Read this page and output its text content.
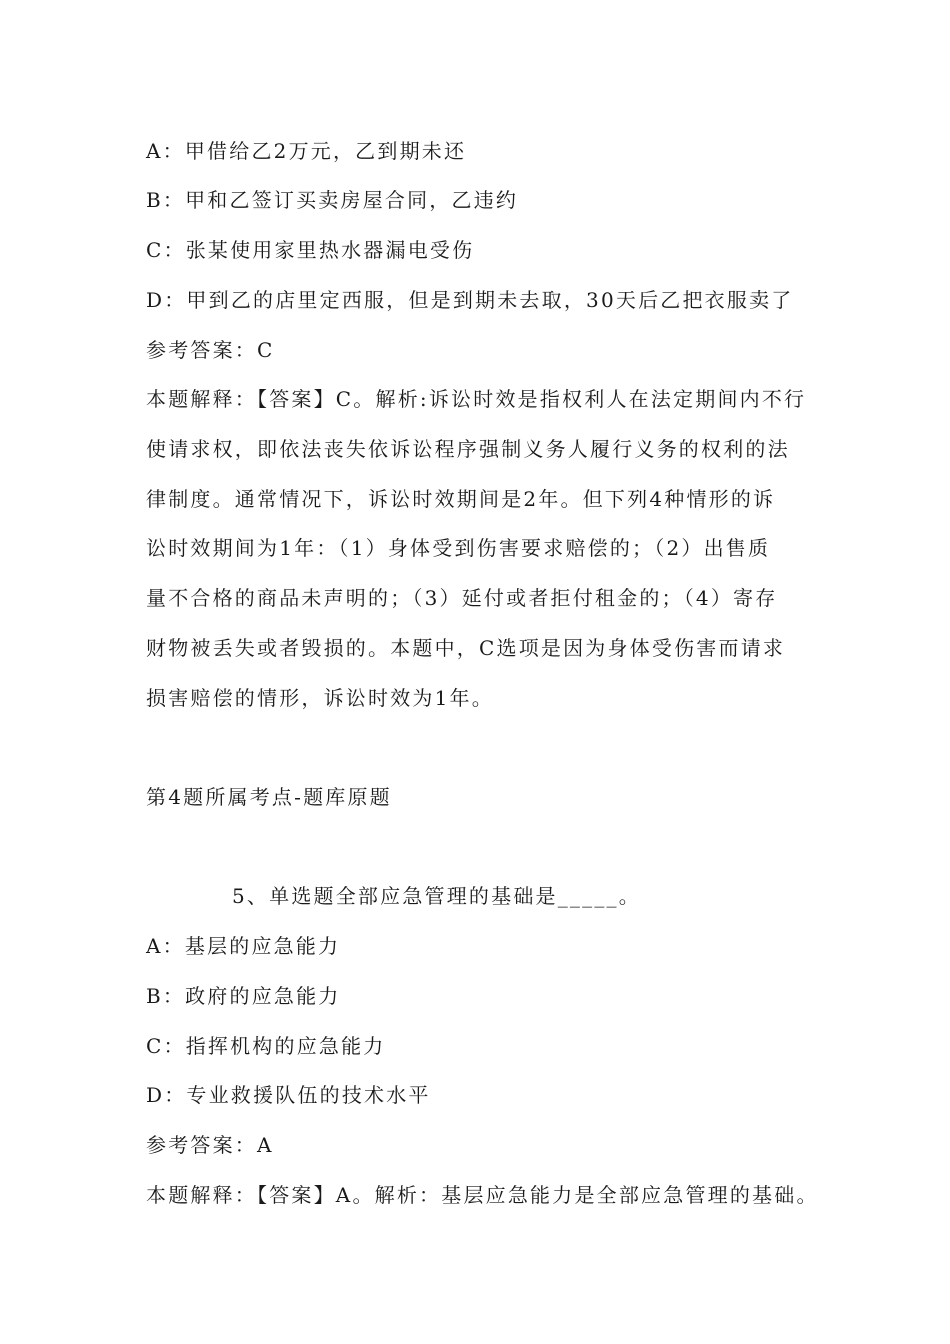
A：甲借给乙2万元，乙到期未还
B：甲和乙签订买卖房屋合同，乙违约
C：张某使用家里热水器漏电受伤
D：甲到乙的店里定西服，但是到期未去取，30天后乙把衣服卖了
参考答案：C
本题解释：【答案】C。解析:诉讼时效是指权利人在法定期间内不行
使请求权，即依法丧失依诉讼程序强制义务人履行义务的权利的法
律制度。通常情况下，诉讼时效期间是2年。但下列4种情形的诉
讼时效期间为1年：（1）身体受到伤害要求赔偿的；（2）出售质
量不合格的商品未声明的；（3）延付或者拒付租金的；（4）寄存
财物被丢失或者毁损的。本题中，C选项是因为身体受伤害而请求
损害赔偿的情形，诉讼时效为1年。
第4题所属考点-题库原题
5、单选题全部应急管理的基础是_____。
A：基层的应急能力
B：政府的应急能力
C：指挥机构的应急能力
D：专业救援队伍的技术水平
参考答案：A
本题解释：【答案】A。解析：基层应急能力是全部应急管理的基础。
